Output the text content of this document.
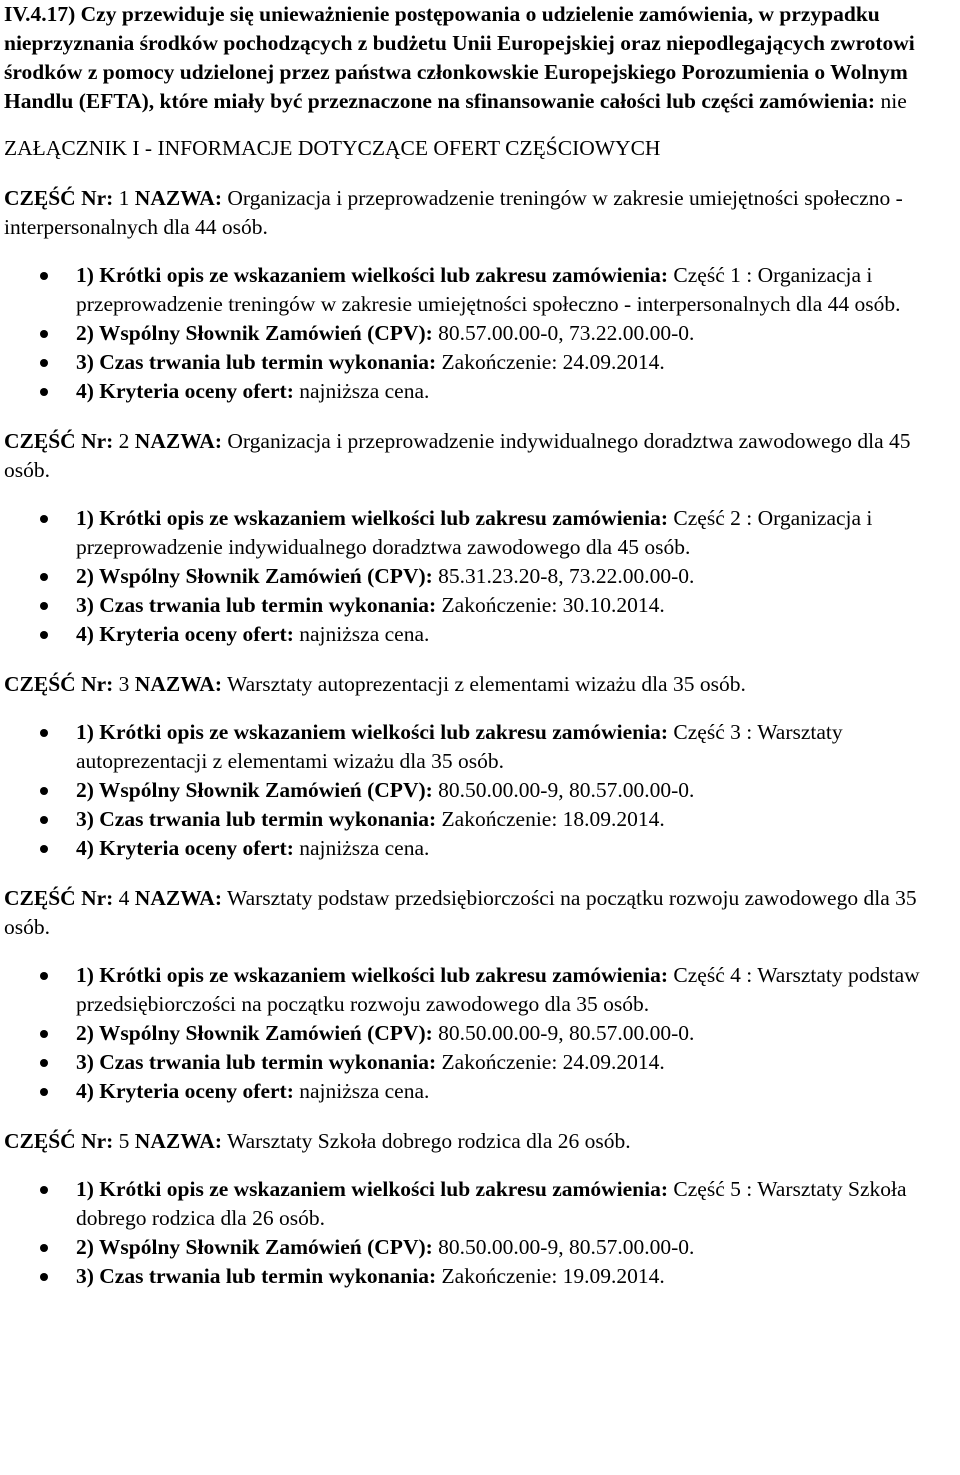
IV.4.17) Czy przewiduje się unieważnienie postępowania o udzielenie zamówienia, w przypadku nieprzyznania środków pochodzących z budżetu Unii Europejskiej oraz niepodlegających zwrotowi środków z pomocy udzielonej przez państwa członkowskie Europejskiego Porozumienia o Wolnym Handlu (EFTA), które miały być przeznaczone na sfinansowanie całości lub części zamówienia: nie

ZAŁĄCZNIK I - INFORMACJE DOTYCZĄCE OFERT CZĘŚCIOWYCH

CZĘŚĆ Nr: 1 NAZWA: Organizacja i przeprowadzenie treningów w zakresie umiejętności społeczno -interpersonalnych dla 44 osób.

1) Krótki opis ze wskazaniem wielkości lub zakresu zamówienia: Część 1 : Organizacja i przeprowadzenie treningów w zakresie umiejętności społeczno - interpersonalnych dla 44 osób.
2) Wspólny Słownik Zamówień (CPV): 80.57.00.00-0, 73.22.00.00-0.
3) Czas trwania lub termin wykonania: Zakończenie: 24.09.2014.
4) Kryteria oceny ofert: najniższa cena.

CZĘŚĆ Nr: 2 NAZWA: Organizacja i przeprowadzenie indywidualnego doradztwa zawodowego dla 45 osób.

1) Krótki opis ze wskazaniem wielkości lub zakresu zamówienia: Część 2 : Organizacja i przeprowadzenie indywidualnego doradztwa zawodowego dla 45 osób.
2) Wspólny Słownik Zamówień (CPV): 85.31.23.20-8, 73.22.00.00-0.
3) Czas trwania lub termin wykonania: Zakończenie: 30.10.2014.
4) Kryteria oceny ofert: najniższa cena.

CZĘŚĆ Nr: 3 NAZWA: Warsztaty autoprezentacji z elementami wizażu dla 35 osób.

1) Krótki opis ze wskazaniem wielkości lub zakresu zamówienia: Część 3 : Warsztaty autoprezentacji z elementami wizażu dla 35 osób.
2) Wspólny Słownik Zamówień (CPV): 80.50.00.00-9, 80.57.00.00-0.
3) Czas trwania lub termin wykonania: Zakończenie: 18.09.2014.
4) Kryteria oceny ofert: najniższa cena.

CZĘŚĆ Nr: 4 NAZWA: Warsztaty podstaw przedsiębiorczości na początku rozwoju zawodowego dla 35 osób.

1) Krótki opis ze wskazaniem wielkości lub zakresu zamówienia: Część 4 : Warsztaty podstaw przedsiębiorczości na początku rozwoju zawodowego dla 35 osób.
2) Wspólny Słownik Zamówień (CPV): 80.50.00.00-9, 80.57.00.00-0.
3) Czas trwania lub termin wykonania: Zakończenie: 24.09.2014.
4) Kryteria oceny ofert: najniższa cena.

CZĘŚĆ Nr: 5 NAZWA: Warsztaty Szkoła dobrego rodzica dla 26 osób.

1) Krótki opis ze wskazaniem wielkości lub zakresu zamówienia: Część 5 : Warsztaty Szkoła dobrego rodzica dla 26 osób.
2) Wspólny Słownik Zamówień (CPV): 80.50.00.00-9, 80.57.00.00-0.
3) Czas trwania lub termin wykonania: Zakończenie: 19.09.2014.
